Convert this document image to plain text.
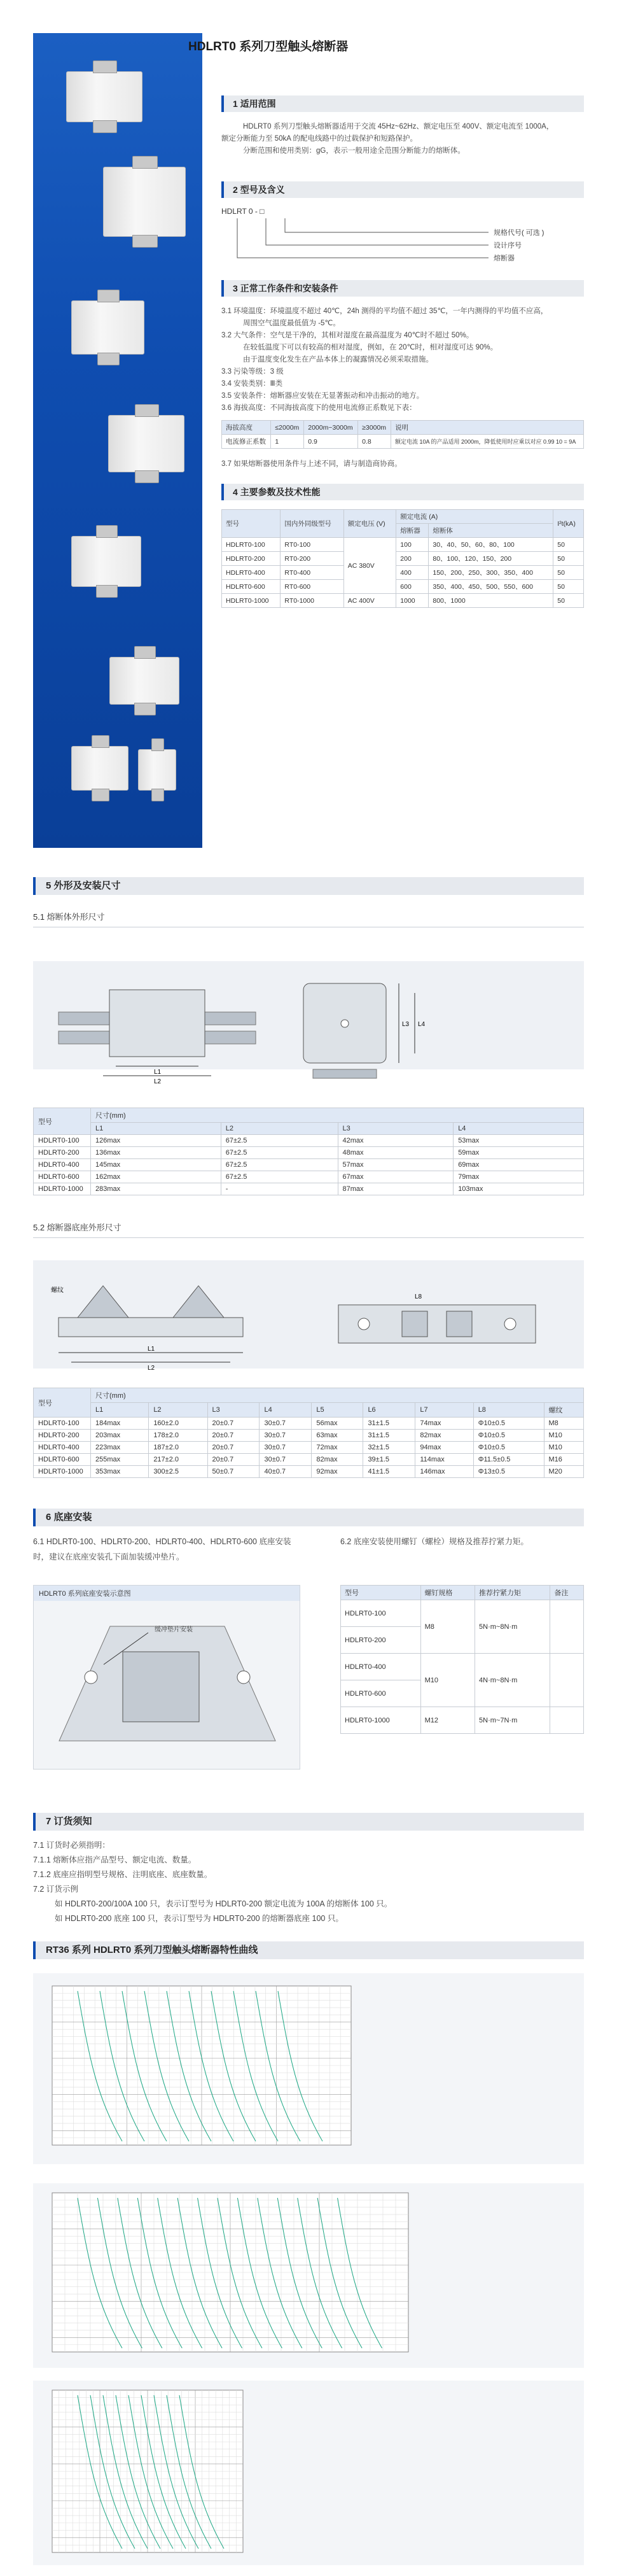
HDLRT0 系列刀型触头熔断器
1 适用范围

HDLRT0 系列刀型触头熔断器适用于交流 45Hz~62Hz、额定电压至 400V、额定电流至 1000A，

额定分断能力至 50kA 的配电线路中的过载保护和短路保护。

分断范围和使用类别：gG，表示一般用途全范围分断能力的熔断体。

2 型号及含义
HDLRT 0 - □
规格代号( 可选 )
设计序号
熔断器
3 正常工作条件和安装条件

3.1 环境温度：环境温度不超过 40℃，24h 测得的平均值不超过 35℃，一年内测得的平均值不应高，

周围空气温度最低值为 -5℃。

3.2 大气条件：空气是干净的，其相对湿度在最高温度为 40℃时不超过 50%。

在较低温度下可以有较高的相对湿度，例如，在 20℃时，相对湿度可达 90%。

由于温度变化发生在产品本体上的凝露情况必须采取措施。

3.3 污染等级：3 级

3.4 安装类别：Ⅲ类

3.5 安装条件：熔断器应安装在无显著振动和冲击振动的地方。

3.6 海拔高度：不同海拔高度下的使用电流修正系数见下表：

海拔高度	≤2000m	2000m~3000m	≥3000m	说明
电流修正系数	1	0.9	0.8	额定电流 10A 的产品适用 2000m，降低使用时应乘以对应 0.99 10 = 9A
3.7 如果熔断器使用条件与上述不同，请与制造商协商。
4 主要参数及技术性能
型号	国内外同级型号	额定电压 (V)	额定电流 (A)		I²t(kA)
			熔断器	熔断体	
HDLRT0-100	RT0-100	AC 380V	100	30、40、50、60、80、100	50
HDLRT0-200	RT0-200		200	80、100、120、150、200	50
HDLRT0-400	RT0-400		400	150、200、250、300、350、400	50
HDLRT0-600	RT0-600		600	350、400、450、500、550、600	50
HDLRT0-1000	RT0-1000	AC 400V	1000	800、1000	50
5 外形及安装尺寸
5.1 熔断体外形尺寸
L1
L2
L3 L4
型号	尺寸(mm)			
	L1	L2	L3	L4
HDLRT0-100	126max	67±2.5	42max	53max
HDLRT0-200	136max	67±2.5	48max	59max
HDLRT0-400	145max	67±2.5	57max	69max
HDLRT0-600	162max	67±2.5	67max	79max
HDLRT0-1000	283max	-	87max	103max
5.2 熔断器底座外形尺寸
L1
L2
螺纹
L8
型号	尺寸(mm)								
	L1	L2	L3	L4	L5	L6	L7	L8	螺纹
HDLRT0-100	184max	160±2.0	20±0.7	30±0.7	56max	31±1.5	74max	Φ10±0.5	M8
HDLRT0-200	203max	178±2.0	20±0.7	30±0.7	63max	31±1.5	82max	Φ10±0.5	M10
HDLRT0-400	223max	187±2.0	20±0.7	30±0.7	72max	32±1.5	94max	Φ10±0.5	M10
HDLRT0-600	255max	217±2.0	20±0.7	30±0.7	82max	39±1.5	114max	Φ11.5±0.5	M16
HDLRT0-1000	353max	300±2.5	50±0.7	40±0.7	92max	41±1.5	146max	Φ13±0.5	M20
6 底座安装
6.1 HDLRT0-100、HDLRT0-200、HDLRT0-400、HDLRT0-600 底座安装
时，建议在底座安装孔下面加装缓冲垫片。
6.2 底座安装使用螺钉（螺栓）规格及推荐拧紧力矩。
HDLRT0 系列底座安装示意图
缓冲垫片安装
型号	螺钉规格	推荐拧紧力矩	备注
HDLRT0-100	M8	5N·m~8N·m	
HDLRT0-200			
HDLRT0-400	M10	4N·m~8N·m	
HDLRT0-600			
HDLRT0-1000	M12	5N·m~7N·m	
7 订货须知
7.1 订货时必须指明：
7.1.1 熔断体应指产品型号、额定电流、数量。
7.1.2 底座应指明型号规格、注明底座、底座数量。
7.2 订货示例
如 HDLRT0-200/100A 100 只，表示订型号为 HDLRT0-200 额定电流为 100A 的熔断体 100 只。
如 HDLRT0-200 底座 100 只，表示订型号为 HDLRT0-200 的熔断器底座 100 只。
RT36 系列 HDLRT0 系列刀型触头熔断器特性曲线
